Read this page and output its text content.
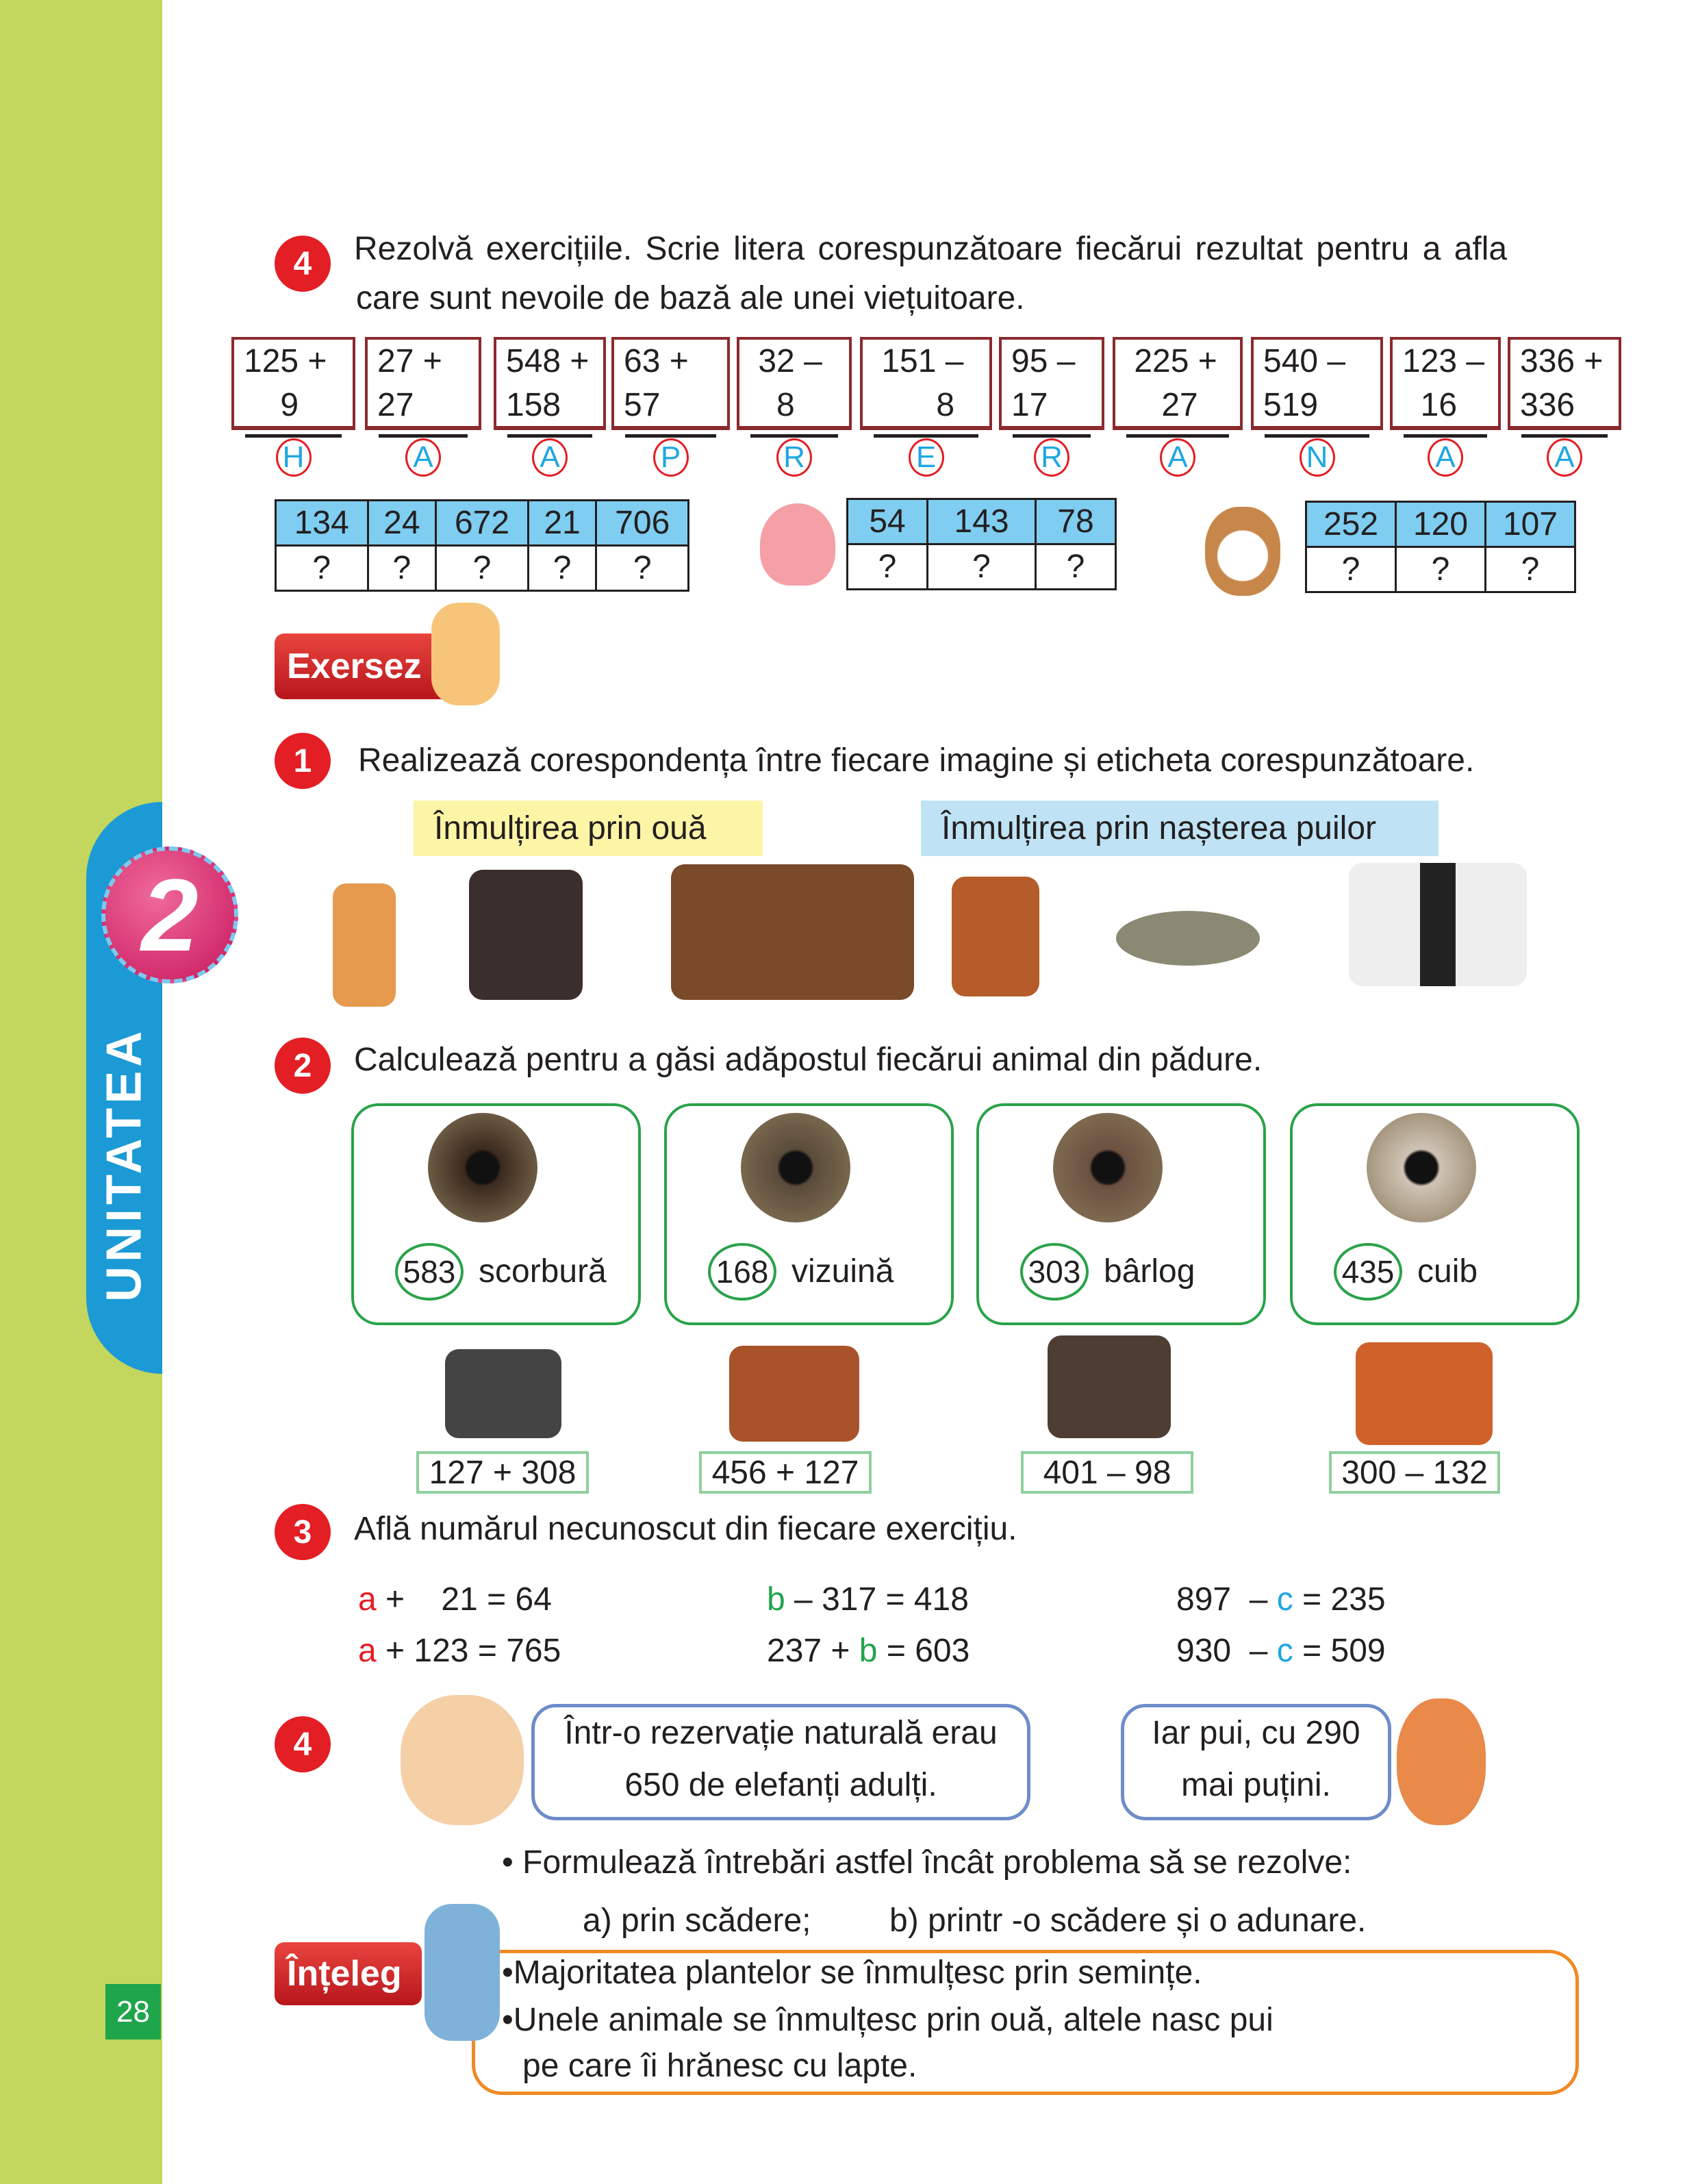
UNITATEA
2
28
4	Rezolvă exercițiile. Scrie litera corespunzătoare fiecărui rezultat pentru a afla
care sunt nevoile de bază ale unei viețuitoare.
125 +
9
H
27 +
27
A
548 +
158
A
63 +
57
P
32 –
8
R
151 –
8
E
95 –
17
R
225 +
27
A
540 –
519
N
123 –
16
A
336 +
336
A
134	24	672	21	706
?	?	?	?	?
54	143	78
?	?	?
252	120	107
?	?	?
Exersez
1	Realizează corespondența între fiecare imagine și eticheta corespunzătoare.
Înmulțirea prin ouă	Înmulțirea prin nașterea puilor
2	Calculează pentru a găsi adăpostul fiecărui animal din pădure.
583 scorbură
127 + 308
168 vizuină
456 + 127
303 bârlog
401 – 98
435 cuib
300 – 132
3	Află numărul necunoscut din fiecare exercițiu.
a +    21 = 64	b – 317 = 418	897  – c = 235
a + 123 = 765	237 + b = 603	930  – c = 509
4	Într-o rezervație naturală erau
650 de elefanți adulți.
Iar pui, cu 290
mai puțini.
• Formulează întrebări astfel încât problema să se rezolve:
a) prin scădere; b) printr -o scădere și o adunare.
Înțeleg	•Majoritatea plantelor se înmulțesc prin semințe.
•Unele animale se înmulțesc prin ouă, altele nasc pui
pe care îi hrănesc cu lapte.
